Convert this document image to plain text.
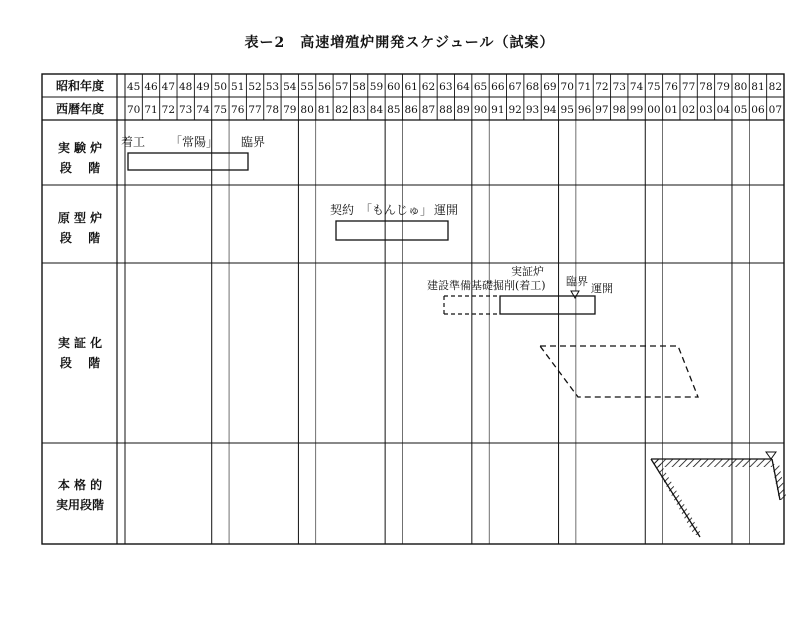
表ー2　高速増殖炉開発スケジュール（試案）
昭和年度
西暦年度
45
70
46
71
47
72
48
73
49
74
50
75
51
76
52
77
53
78
54
79
55
80
56
81
57
82
58
83
59
84
60
85
61
86
62
87
63
88
64
89
65
90
66
91
67
92
68
93
69
94
70
95
71
96
72
97
73
98
74
99
75
00
76
01
77
02
78
03
79
04
80
05
81
06
82
07
実 験 炉
段　 階
原 型 炉
段　 階
実 証 化
段　 階
本 格 的
実用段階
着工 「常陽」 臨界
契約 「もんじゅ」 運開
実証炉
建設準備基礎掘削(着工) 臨界
運開
